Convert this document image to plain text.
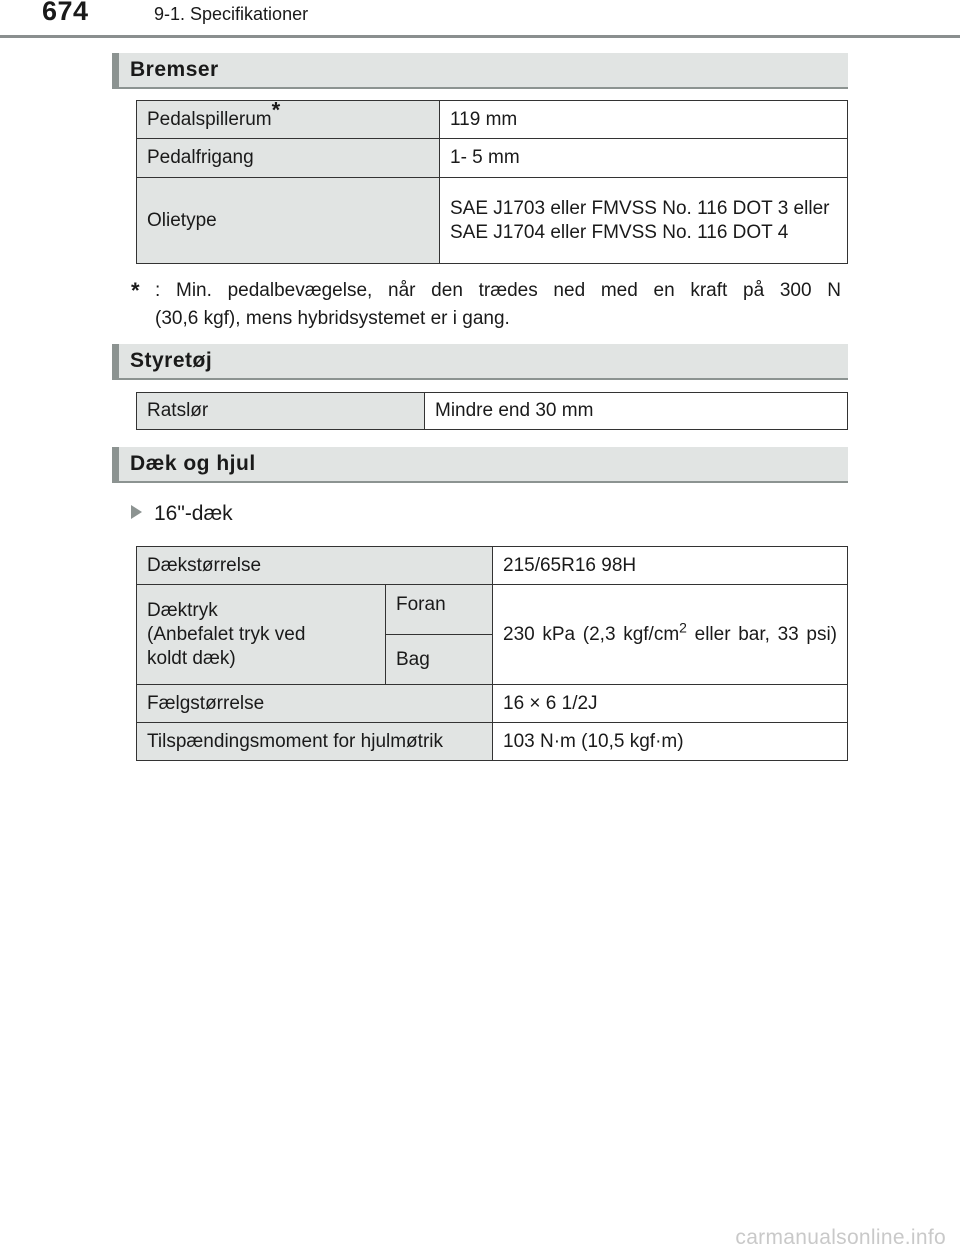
674	9-1. Specifikationer
Bremser
Pedalspillerum*	119 mm
Pedalfrigang	1- 5 mm
Olietype	SAE J1703 eller FMVSS No. 116 DOT 3 eller
SAE J1704 eller FMVSS No. 116 DOT 4
* : Min. pedalbevægelse, når den trædes ned med en kraft på 300 N
(30,6 kgf), mens hybridsystemet er i gang.
Styretøj
Ratslør	Mindre end 30 mm
Dæk og hjul
16"-dæk
Dækstørrelse		215/65R16 98H

Dæktryk
(Anbefalet tryk ved
koldt dæk)	Foran	230 kPa (2,3 kgf/$cm^2$ eller bar, 33 psi)

	Bag	
Fælgstørrelse		16 × 6 1/2J
Tilspændingsmoment for hjulmøtrik		103 N·m (10,5 kgf·m)
carmanualsonline.info
